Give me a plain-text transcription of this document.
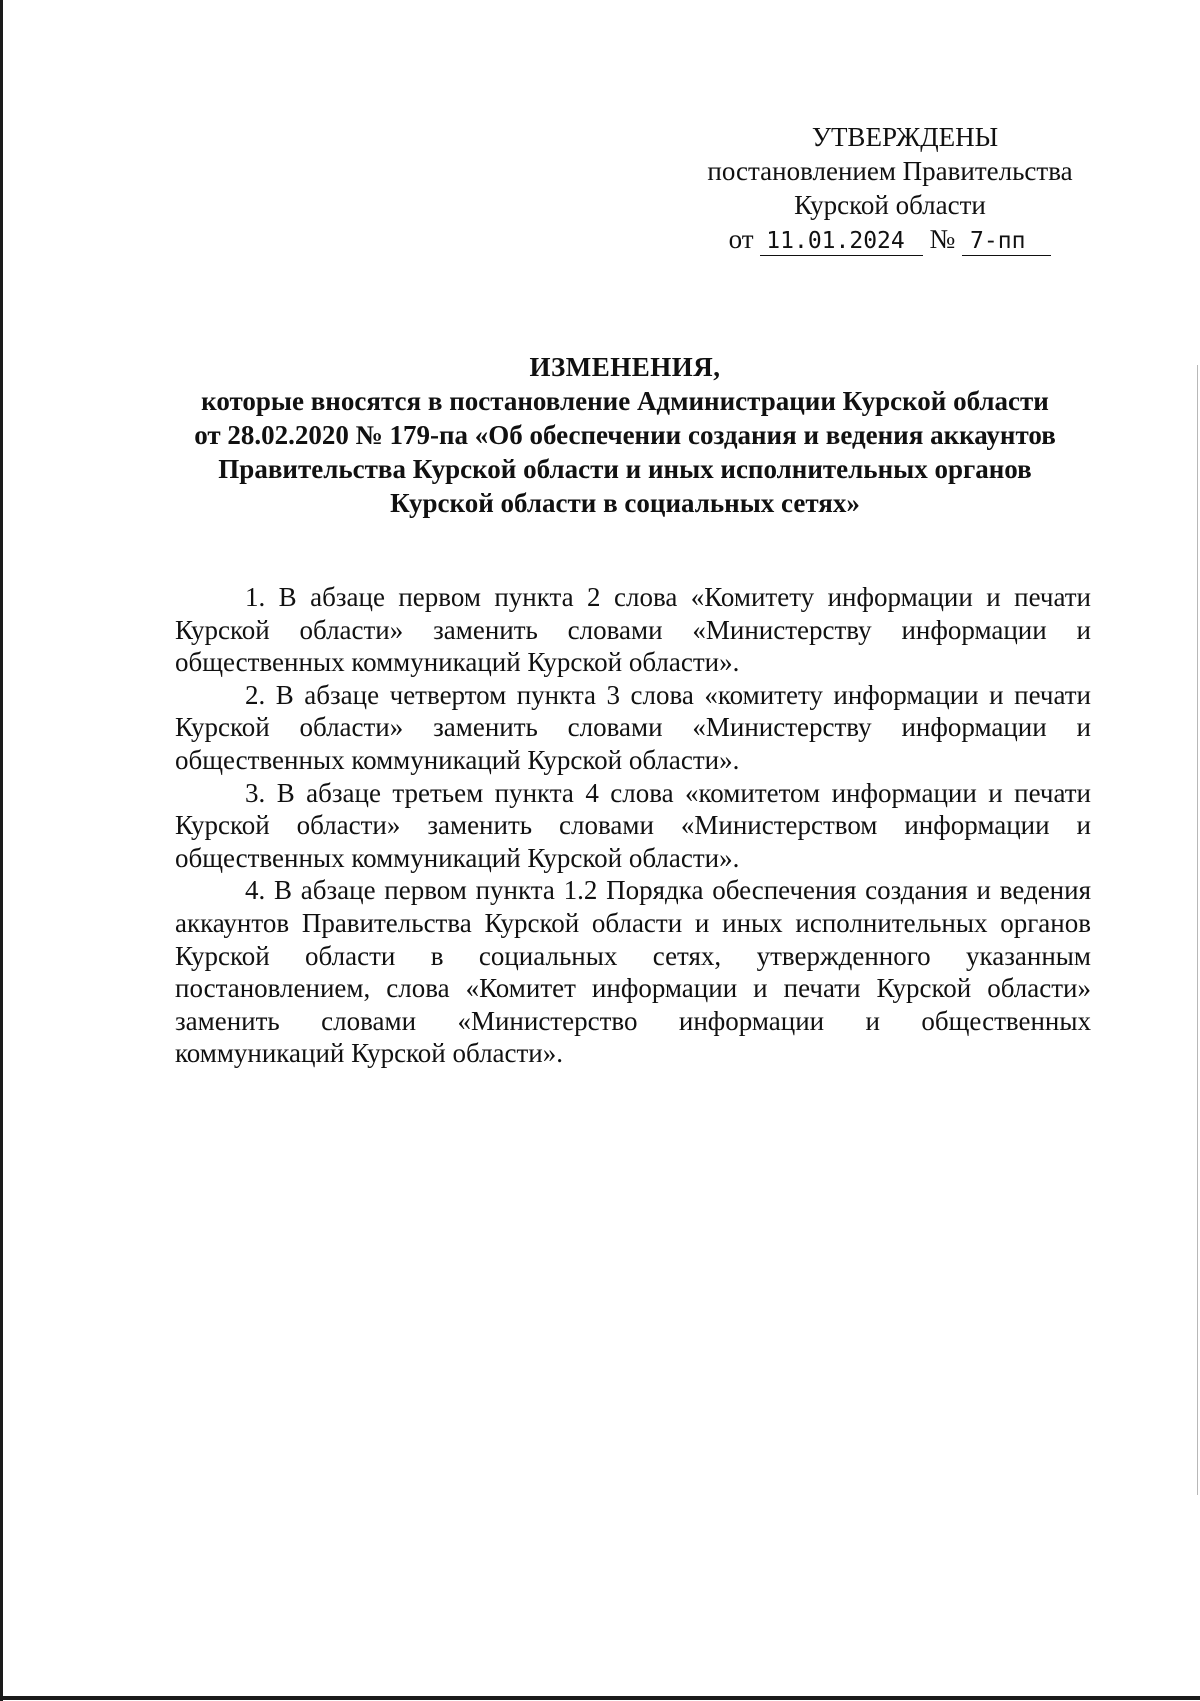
УТВЕРЖДЕНЫ
постановлением Правительства
Курской области
от 11.01.2024 № 7-пп
ИЗМЕНЕНИЯ,
которые вносятся в постановление Администрации Курской области
от 28.02.2020 № 179-па «Об обеспечении создания и ведения аккаунтов
Правительства Курской области и иных исполнительных органов
Курской области в социальных сетях»

1. В абзаце первом пункта 2 слова «Комитету информации и печати Курской области» заменить словами «Министерству информации и общественных коммуникаций Курской области».

2. В абзаце четвертом пункта 3 слова «комитету информации и печати Курской области» заменить словами «Министерству информации и общественных коммуникаций Курской области».

3. В абзаце третьем пункта 4 слова «комитетом информации и печати Курской области» заменить словами «Министерством информации и общественных коммуникаций Курской области».

4. В абзаце первом пункта 1.2 Порядка обеспечения создания и ведения аккаунтов Правительства Курской области и иных исполнительных органов Курской области в социальных сетях, утвержденного указанным постановлением, слова «Комитет информации и печати Курской области» заменить словами «Министерство информации и общественных коммуникаций Курской области».
